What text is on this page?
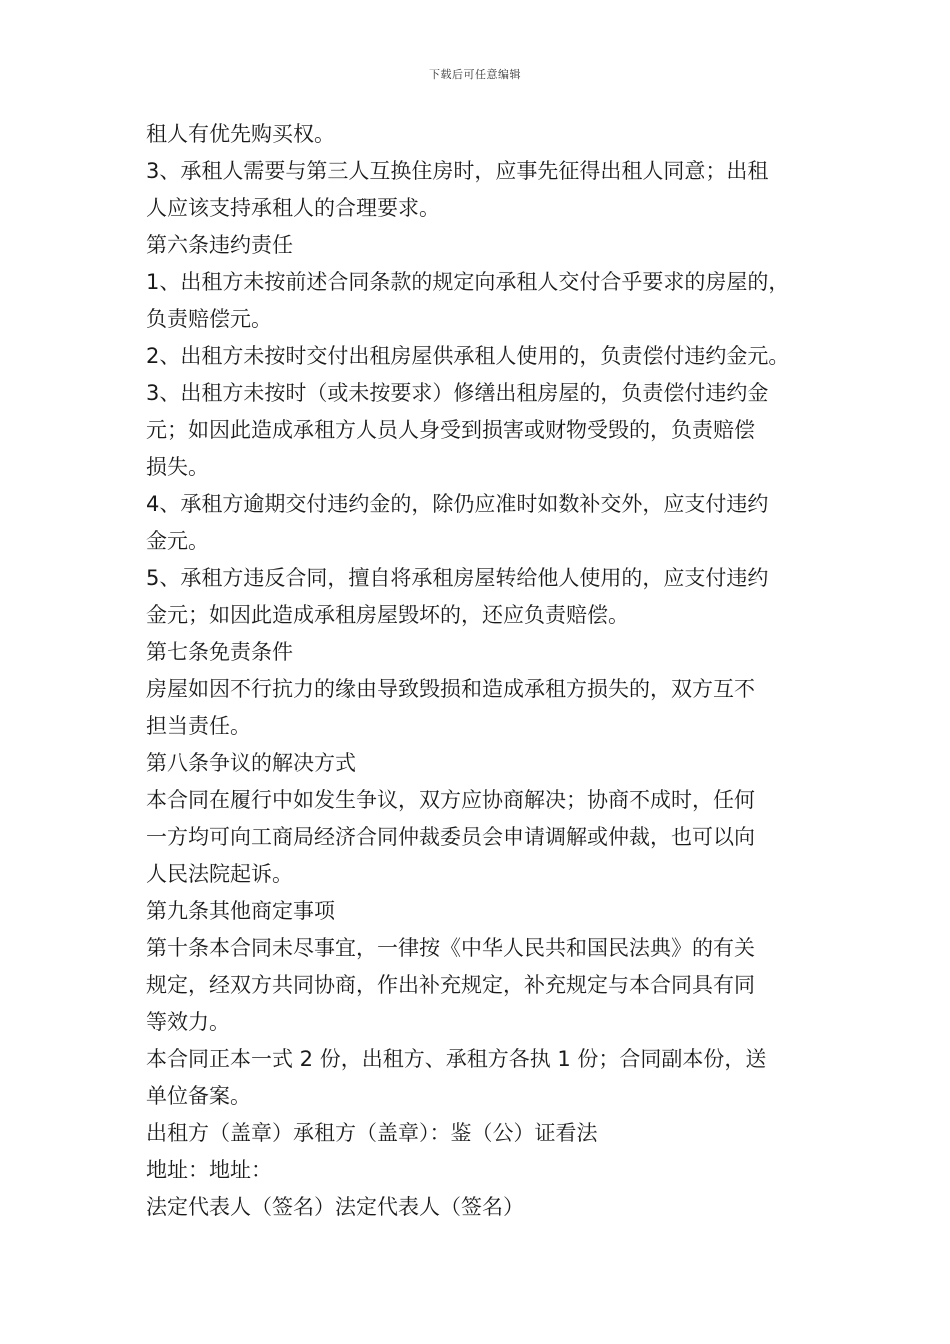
下载后可任意编辑
租人有优先购买权。
3、承租人需要与第三人互换住房时，应事先征得出租人同意；出租
人应该支持承租人的合理要求。
第六条违约责任
1、出租方未按前述合同条款的规定向承租人交付合乎要求的房屋的，
负责赔偿元。
2、出租方未按时交付出租房屋供承租人使用的，负责偿付违约金元。
3、出租方未按时（或未按要求）修缮出租房屋的，负责偿付违约金
元；如因此造成承租方人员人身受到损害或财物受毁的，负责赔偿
损失。
4、承租方逾期交付违约金的，除仍应准时如数补交外，应支付违约
金元。
5、承租方违反合同，擅自将承租房屋转给他人使用的，应支付违约
金元；如因此造成承租房屋毁坏的，还应负责赔偿。
第七条免责条件
房屋如因不行抗力的缘由导致毁损和造成承租方损失的，双方互不
担当责任。
第八条争议的解决方式
本合同在履行中如发生争议，双方应协商解决；协商不成时，任何
一方均可向工商局经济合同仲裁委员会申请调解或仲裁，也可以向
人民法院起诉。
第九条其他商定事项
第十条本合同未尽事宜，一律按《中华人民共和国民法典》的有关
规定，经双方共同协商，作出补充规定，补充规定与本合同具有同
等效力。
本合同正本一式 2 份，出租方、承租方各执 1 份；合同副本份，送
单位备案。
出租方（盖章）承租方（盖章）：鉴（公）证看法
地址：地址：
法定代表人（签名）法定代表人（签名）
